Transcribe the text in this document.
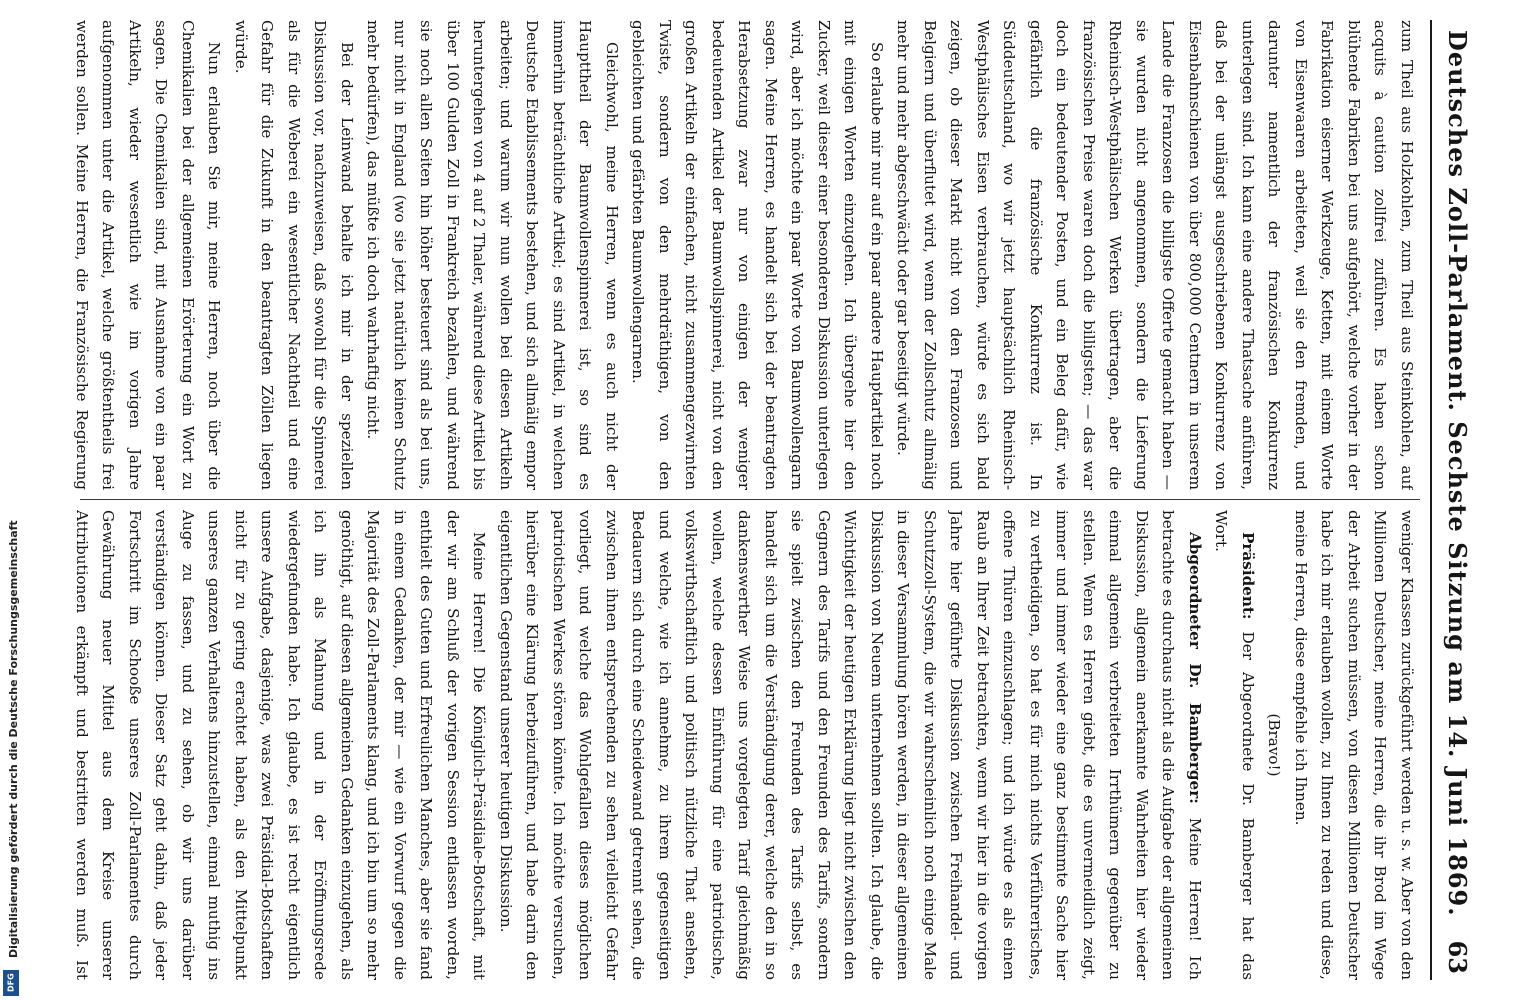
Deutsches Zoll-Parlament. Sechste Sitzung am 14. Juni 1869.
63

zum Theil aus Holzkohlen, zum Theil aus Steinkohlen, auf acquits à caution zollfrei zuführen. Es haben schon blühende Fabriken bei uns aufgehört, welche vorher in der Fabrikation eiserner Werkzeuge, Ketten, mit einem Worte von Eisenwaaren arbeiteten, weil sie den fremden, und darunter namentlich der französischen Konkurrenz unterlegen sind. Ich kann eine andere Thatsache anführen, daß bei der unlängst ausgeschriebenen Konkurrenz von Eisenbahnschienen von über 800,000 Centnern in unserem Lande die Franzosen die billigste Offerte gemacht haben — sie wurden nicht angenommen, sondern die Lieferung Rheinisch-Westphälischen Werken übertragen, aber die französischen Preise waren doch die billigsten; — das war doch ein bedeutender Posten, und ein Beleg dafür, wie gefährlich die französische Konkurrenz ist. In Süddeutschland, wo wir jetzt hauptsächlich Rheinisch-Westphälisches Eisen verbrauchen, würde es sich bald zeigen, ob dieser Markt nicht von den Franzosen und Belgiern und überflutet wird, wenn der Zollschutz allmälig mehr und mehr abgeschwächt oder gar beseitigt würde.

So erlaube mir nur auf ein paar andere Hauptartikel noch mit einigen Worten einzugehen. Ich übergehe hier den Zucker, weil dieser einer besonderen Diskussion unterlegen wird, aber ich möchte ein paar Worte von Baumwollengarn sagen. Meine Herren, es handelt sich bei der beantragten Herabsetzung zwar nur von einigen der weniger bedeutenden Artikel der Baumwollspinnerei, nicht von den großen Artikeln der einfachen, nicht zusammengezwirnten Twiste, sondern von den mehrdräthigen, von den gebleichten und gefärbten Baumwollengarnen.

Gleichwohl, meine Herren, wenn es auch nicht der Haupttheil der Baumwollenspinnerei ist, so sind es immerhin beträchtliche Artikel; es sind Artikel, in welchen Deutsche Etablissements bestehen, und sich allmälig empor arbeiten; und warum wir nun wollen bei diesen Artikeln heruntergehen von 4 auf 2 Thaler, während diese Artikel bis über 100 Gulden Zoll in Frankreich bezahlen, und während sie noch allen Seiten hin höher besteuert sind als bei uns, nur nicht in England (wo sie jetzt natürlich keinen Schutz mehr bedürfen), das müßte ich doch wahrhaftig nicht.

Bei der Leinwand behalte ich mir in der speziellen Diskussion vor, nachzuweisen, daß sowohl für die Spinnerei als für die Weberei ein wesentlicher Nachtheil und eine Gefahr für die Zukunft in den beantragten Zöllen liegen würde.

Nun erlauben Sie mir, meine Herren, noch über die Chemikalien bei der allgemeinen Erörterung ein Wort zu sagen. Die Chemikalien sind, mit Ausnahme von ein paar Artikeln, wieder wesentlich wie im vorigen Jahre aufgenommen unter die Artikel, welche größtentheils frei werden sollen. Meine Herren, die Französische Regierung

weniger Klassen zurückgeführt werden u. s. w. Aber von den Millionen Deutscher, meine Herren, die ihr Brod im Wege der Arbeit suchen müssen, von diesen Millionen Deutscher habe ich mir erlauben wollen, zu Ihnen zu reden und diese, meine Herren, diese empfehle ich Ihnen.

(Bravo!)

Präsident: Der Abgeordnete Dr. Bamberger hat das Wort.

Abgeordneter Dr. Bamberger: Meine Herren! Ich betrachte es durchaus nicht als die Aufgabe der allgemeinen Diskussion, allgemein anerkannte Wahrheiten hier wieder einmal allgemein verbreiteten Irrthümern gegenüber zu stellen. Wenn es Herren giebt, die es unvermeidlich zeigt, immer und immer wieder eine ganz bestimmte Sache hier zu vertheidigen, so hat es für mich nichts Verführerisches, offene Thüren einzuschlagen; und ich würde es als einen Raub an Ihrer Zeit betrachten, wenn wir hier in die vorigen Jahre hier geführte Diskussion zwischen Freihandel- und Schutzzoll-System, die wir wahrscheinlich noch einige Male in dieser Versammlung hören werden, in dieser allgemeinen Diskussion von Neuem unternehmen sollten. Ich glaube, die Wichtigkeit der heutigen Erklärung liegt nicht zwischen den Gegnern des Tarifs und den Freunden des Tarifs, sondern sie spielt zwischen den Freunden des Tarifs selbst, es handelt sich um die Verständigung derer, welche den in so dankenswerther Weise uns vorgelegten Tarif gleichmäßig wollen, welche dessen Einführung für eine patriotische, volkswirthschaftlich und politisch nützliche That ansehen, und welche, wie ich annehme, zu ihrem gegenseitigen Bedauern sich durch eine Scheidewand getrennt sehen, die zwischen ihnen entsprechenden zu sehen vielleicht Gefahr vorliegt, und welche das Wohlgefallen dieses möglichen patriotischen Werkes stören könnte. Ich möchte versuchen, hierüber eine Klärung herbeizuführen, und habe darin den eigentlichen Gegenstand unserer heutigen Diskussion.

Meine Herren! Die Königlich-Präsidiale-Botschaft, mit der wir am Schluß der vorigen Session entlassen worden, enthielt des Guten und Erfreulichen Manches, aber sie fand in einem Gedanken, der mir — wie ein Vorwurf gegen die Majorität des Zoll-Parlaments klang, und ich bin um so mehr genöthigt, auf diesen allgemeinen Gedanken einzugehen, als ich ihn als Mahnung und in der Eröffnungsrede wiedergefunden habe. Ich glaube, es ist recht eigentlich unsere Aufgabe, dasjenige, was zwei Präsidial-Botschaften nicht für zu gering erachtet haben, als den Mittelpunkt unseres ganzen Verhaltens hinzustellen, einmal muthig ins Auge zu fassen, und zu sehen, ob wir uns darüber verständigen können. Dieser Satz geht dahin, daß jeder Fortschritt im Schooße unseres Zoll-Parlamentes durch Gewährung neuer Mittel aus dem Kreise unserer Attributionen erkämpft und bestritten werden muß. Ist

Digitalisierung gefördert durch die Deutsche Forschungsgemeinschaft
DFG
